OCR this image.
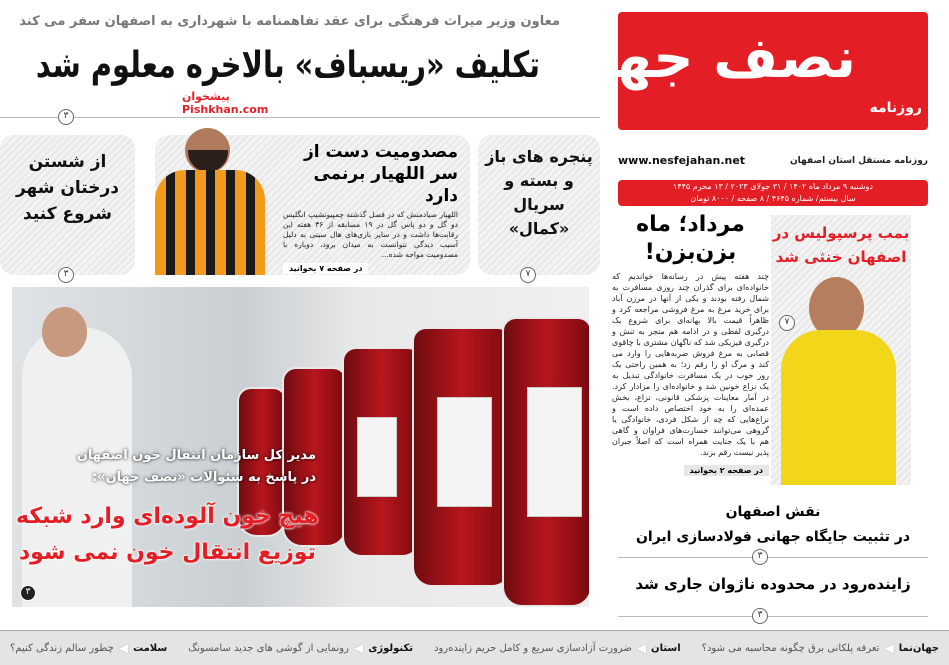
نصف جهان
روزنامه
روزنامه مستقل استان اصفهان
www.nesfejahan.net
دوشنبه ۹ مرداد ماه ۱۴۰۲ / ۳۱ جولای ۲۰۲۳ / ۱۳ محرم ۱۴۴۵
سال بیستم/ شماره ۴۶۴۵ / ۸ صفحه / ۸۰۰۰ تومان
معاون وزیر میراث فرهنگی برای عقد تفاهمنامه با شهرداری به اصفهان سفر می کند
تکلیف «ریسباف» بالاخره معلوم شد
۳
از شستن درختان شهر شروع کنید
۳
مصدومیت دست از سر اللهیار برنمی دارد
اللهیار صیادمنش که در فصل گذشته چمپیونشیپ انگلیس دو گل و دو پاس گل در ۱۹ مسابقه از ۳۶ هفته این رقابت‌ها داشت و در سایر بازی‌های هال سیتی به دلیل آسیب دیدگی نتوانست به میدان برود، دوباره با مصدومیت مواجه شده...
در صفحه ۷ بخوانید
پیشخوان
Pishkhan.com
پنجره های باز و بسته و سریال «کمال»
۷
مدیر کل سازمان انتقال خون اصفهان
در پاسخ به سئوالات «نصف جهان»:
هیچ خون آلوده‌ای وارد شبکه
توزیع انتقال خون نمی شود
۳
مرداد؛ ماه بزن‌بزن!
چند هفته پیش در رسانه‌ها خواندیم که خانواده‌ای برای گذران چند روزی مسافرت به شمال رفته بودند و یکی از آنها در مرزن آباد برای خرید مرغ به مرغ فروشی مراجعه کرد و ظاهراً قیمت بالا بهانه‌ای برای شروع یک درگیری لفظی و در ادامه هم منجر به تنش و درگیری فیزیکی شد که ناگهان مشتری با چاقوی قصابی به مرغ فروش ضربه‌هایی را وارد می کند و مرگ او را رقم زد؛ به همین راحتی یک روز خوب در یک مسافرت خانوادگی تبدیل به یک نزاع خونین شد و خانواده‌ای را مزادار کرد. در آمار معاینات پزشکی قانونی، نزاع، بخش عمده‌ای را به خود اختصاص داده است و نزاع‌هایی که چه از شکل فردی، خانوادگی یا گروهی می‌توانند خسارت‌های فراوان و گاهی هم با یک جنایت همراه است که اصلاً جبران پذیر نیست رقم بزند.
در صفحه ۲ بخوانید
بمب پرسپولیس در اصفهان خنثی شد
۷
نقش اصفهان
در تثبیت جایگاه جهانی فولادسازی ایران
۳
زاینده‌رود در محدوده ناژوان جاری شد
۳
جهان‌نما
◀
تعرفه پلکانی برق چگونه محاسبه می شود؟
استان
◀
ضرورت آزادسازی سریع و کامل حریم زاینده‌رود
تکنولوژی
◀
رونمایی از گوشی های جدید سامسونگ
سلامت
◀
چطور سالم زندگی کنیم؟
